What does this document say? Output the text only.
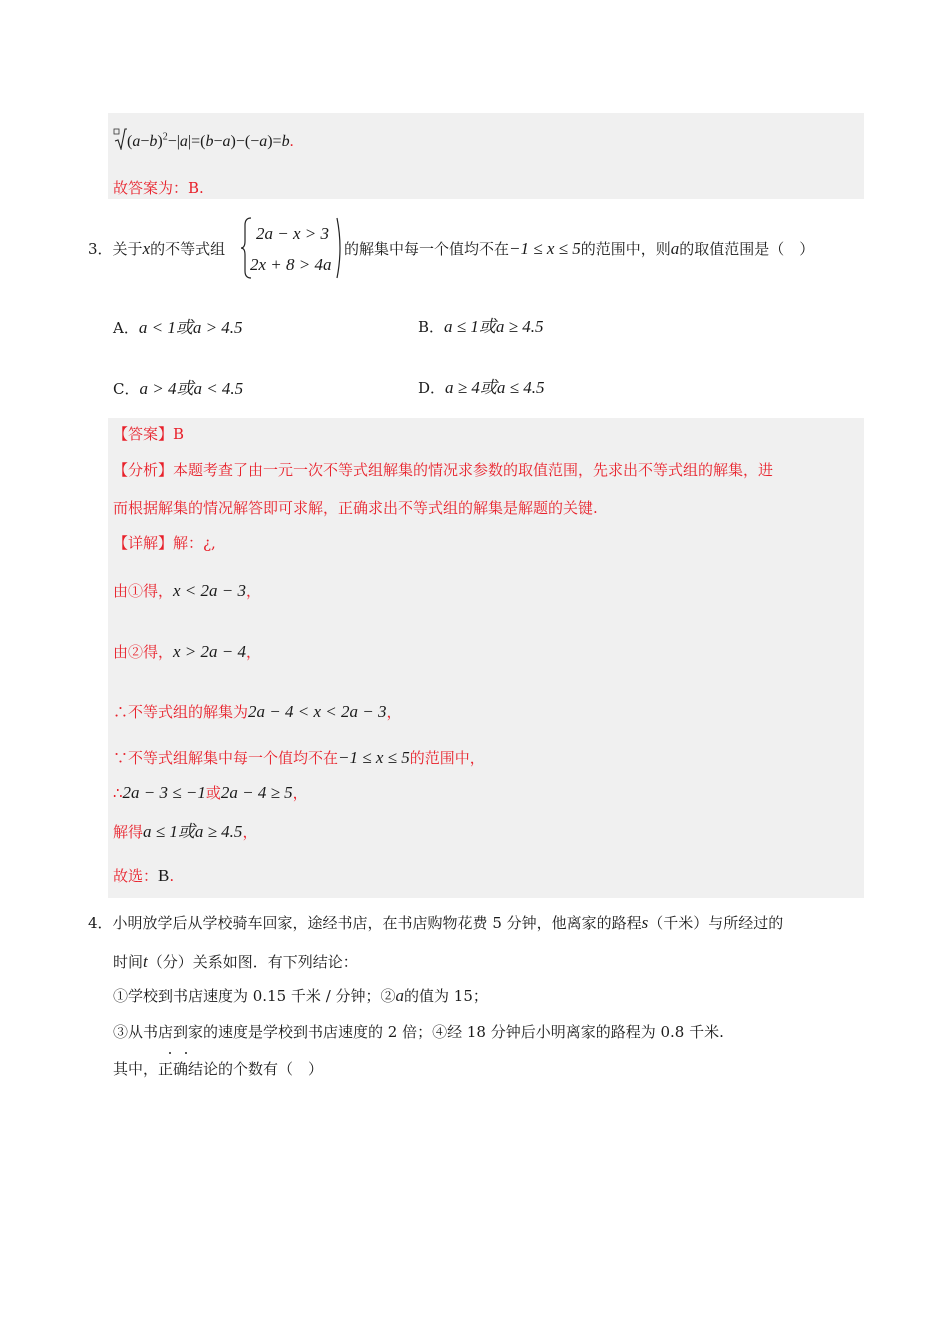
$(a-b)^2-|a|=(b-a)-(-a)=b$.
故答案为：B.
3．关于x的不等式组
2a − x > 3
2x + 8 > 4a
的解集中每一个值均不在−1 ≤ x ≤ 5的范围中，则a的取值范围是（　）
A．a < 1或a > 4.5	B．a ≤ 1或a ≥ 4.5
C．a > 4或a < 4.5	D．a ≥ 4或a ≤ 4.5
【答案】B
【分析】本题考查了由一元一次不等式组解集的情况求参数的取值范围，先求出不等式组的解集，进
而根据解集的情况解答即可求解，正确求出不等式组的解集是解题的关键.
【详解】解：¿,
由①得，x < 2a − 3，
由②得，x > 2a − 4，
∴不等式组的解集为2a − 4 < x < 2a − 3，
∵不等式组解集中每一个值均不在−1 ≤ x ≤ 5的范围中，
∴2a − 3 ≤ −1或2a − 4 ≥ 5，
解得a ≤ 1或a ≥ 4.5，
故选：B.
4．小明放学后从学校骑车回家，途经书店，在书店购物花费 5 分钟，他离家的路程s（千米）与所经过的
时间t（分）关系如图．有下列结论：
①学校到书店速度为 0.15 千米 / 分钟；②a的值为 15；
③从书店到家的速度是学校到书店速度的 2 倍；④经 18 分钟后小明离家的路程为 0.8 千米.
其中，正确结论的个数有（　）
